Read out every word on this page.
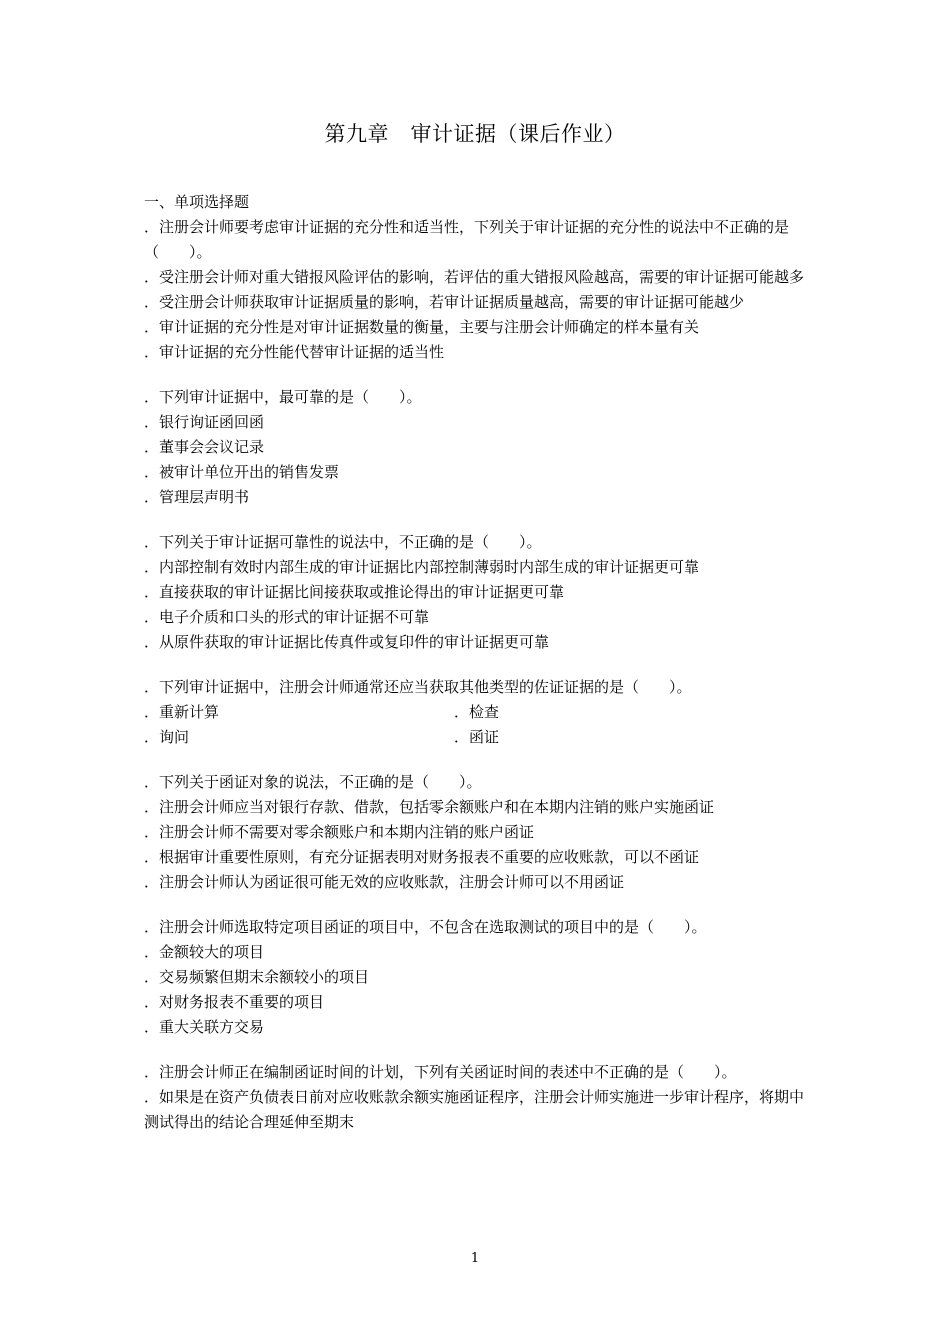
第九章　审计证据（课后作业）

一、单项选择题

．注册会计师要考虑审计证据的充分性和适当性，下列关于审计证据的充分性的说法中不正确的是（　　）。

．受注册会计师对重大错报风险评估的影响，若评估的重大错报风险越高，需要的审计证据可能越多

．受注册会计师获取审计证据质量的影响，若审计证据质量越高，需要的审计证据可能越少

．审计证据的充分性是对审计证据数量的衡量，主要与注册会计师确定的样本量有关

．审计证据的充分性能代替审计证据的适当性

．下列审计证据中，最可靠的是（　　）。

．银行询证函回函

．董事会会议记录

．被审计单位开出的销售发票

．管理层声明书

．下列关于审计证据可靠性的说法中，不正确的是（　　）。

．内部控制有效时内部生成的审计证据比内部控制薄弱时内部生成的审计证据更可靠

．直接获取的审计证据比间接获取或推论得出的审计证据更可靠

．电子介质和口头的形式的审计证据不可靠

．从原件获取的审计证据比传真件或复印件的审计证据更可靠

．下列审计证据中，注册会计师通常还应当获取其他类型的佐证证据的是（　　）。

．重新计算	．检查
．询问	．函证

．下列关于函证对象的说法，不正确的是（　　）。

．注册会计师应当对银行存款、借款，包括零余额账户和在本期内注销的账户实施函证

．注册会计师不需要对零余额账户和本期内注销的账户函证

．根据审计重要性原则，有充分证据表明对财务报表不重要的应收账款，可以不函证

．注册会计师认为函证很可能无效的应收账款，注册会计师可以不用函证

．注册会计师选取特定项目函证的项目中，不包含在选取测试的项目中的是（　　）。

．金额较大的项目

．交易频繁但期末余额较小的项目

．对财务报表不重要的项目

．重大关联方交易

．注册会计师正在编制函证时间的计划，下列有关函证时间的表述中不正确的是（　　）。

．如果是在资产负债表日前对应收账款余额实施函证程序，注册会计师实施进一步审计程序，将期中测试得出的结论合理延伸至期末

1
